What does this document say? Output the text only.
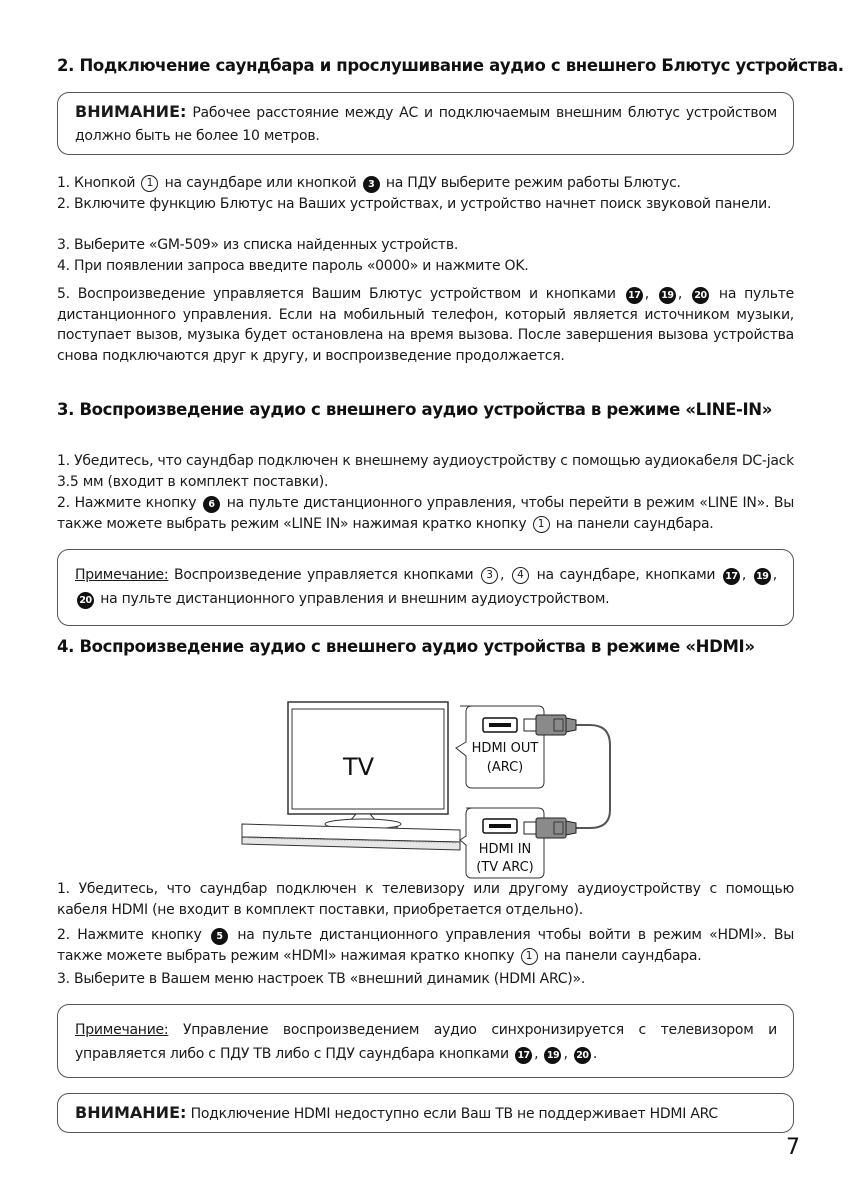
2. Подключение саундбара и прослушивание аудио с внешнего Блютус устройства.
ВНИМАНИЕ: Рабочее расстояние между АС и подключаемым внешним блютус устройством должно быть не более 10 метров.

1. Кнопкой 1 на саундбаре или кнопкой 3 на ПДУ выберите режим работы Блютус.

2. Включите функцию Блютус на Ваших устройствах, и устройство начнет поиск звуковой панели.

3. Выберите «GM-509» из списка найденных устройств.

4. При появлении запроса введите пароль «0000» и нажмите OK.

5. Воспроизведение управляется Вашим Блютус устройством и кнопками 17 , 19 , 20 на пульте дистанционного управления. Если на мобильный телефон, который является источником музыки, поступает вызов, музыка будет остановлена на время вызова. После завершения вызова устройства снова подключаются друг к другу, и воспроизведение продолжается.

3. Воспроизведение аудио с внешнего аудио устройства в режиме «LINE-IN»

1. Убедитесь, что саундбар подключен к внешнему аудиоустройству с помощью аудиокабеля DC-jack 3.5 мм (входит в комплект поставки).

2. Нажмите кнопку 6 на пульте дистанционного управления, чтобы перейти в режим «LINE IN». Вы также можете выбрать режим «LINE IN» нажимая кратко кнопку 1 на панели саундбара.

Примечание: Воспроизведение управляется кнопками 3 , 4 на саундбаре, кнопками 17 , 19 , 20 на пульте дистанционного управления и внешним аудиоустройством.
4. Воспроизведение аудио с внешнего аудио устройства в режиме «HDMI»
TV
HDMI OUT
(ARC)
HDMI IN
(TV ARC)

1. Убедитесь, что саундбар подключен к телевизору или другому аудиоустройству с помощью кабеля HDMI (не входит в комплект поставки, приобретается отдельно).

2. Нажмите кнопку 5 на пульте дистанционного управления чтобы войти в режим «HDMI». Вы также можете выбрать режим «HDMI» нажимая кратко кнопку 1 на панели саундбара.

3. Выберите в Вашем меню настроек ТВ «внешний динамик (HDMI ARC)».

Примечание: Управление воспроизведением аудио синхронизируется с телевизором и управляется либо с ПДУ ТВ либо с ПДУ саундбара кнопками 17 , 19 , 20 .
ВНИМАНИЕ: Подключение HDMI недоступно если Ваш ТВ не поддерживает HDMI ARC
7
